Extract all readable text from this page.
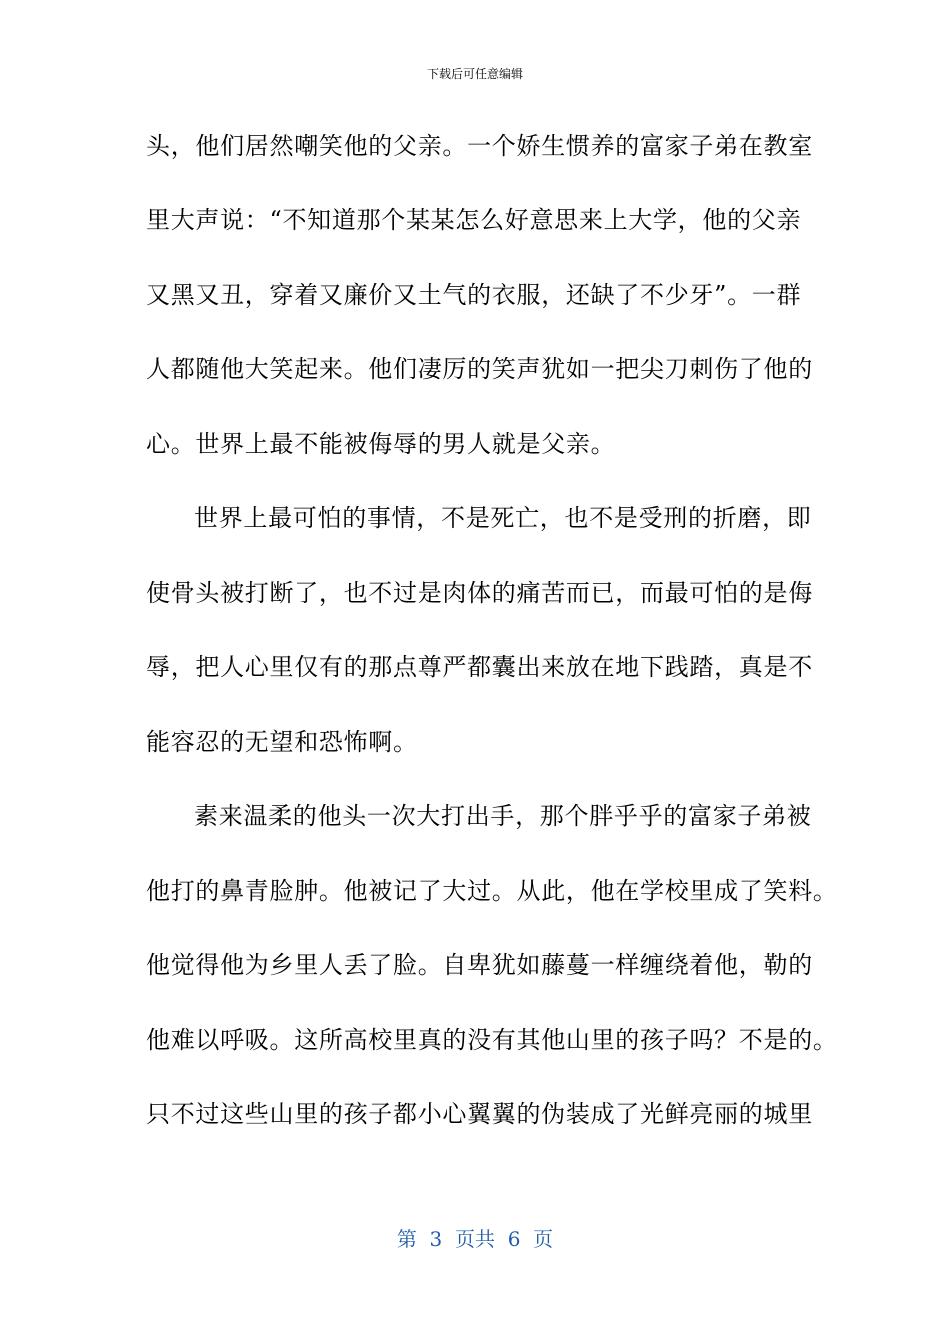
下载后可任意编辑
头，他们居然嘲笑他的父亲。一个娇生惯养的富家子弟在教室
里大声说：“不知道那个某某怎么好意思来上大学，他的父亲
又黑又丑，穿着又廉价又土气的衣服，还缺了不少牙”。一群
人都随他大笑起来。他们凄厉的笑声犹如一把尖刀刺伤了他的
心。世界上最不能被侮辱的男人就是父亲。
世界上最可怕的事情，不是死亡，也不是受刑的折磨，即
使骨头被打断了，也不过是肉体的痛苦而已，而最可怕的是侮
辱，把人心里仅有的那点尊严都囊出来放在地下践踏，真是不
能容忍的无望和恐怖啊。
素来温柔的他头一次大打出手，那个胖乎乎的富家子弟被
他打的鼻青脸肿。他被记了大过。从此，他在学校里成了笑料。
他觉得他为乡里人丢了脸。自卑犹如藤蔓一样缠绕着他，勒的
他难以呼吸。这所高校里真的没有其他山里的孩子吗？不是的。
只不过这些山里的孩子都小心翼翼的伪装成了光鲜亮丽的城里
第  3  页共  6  页
